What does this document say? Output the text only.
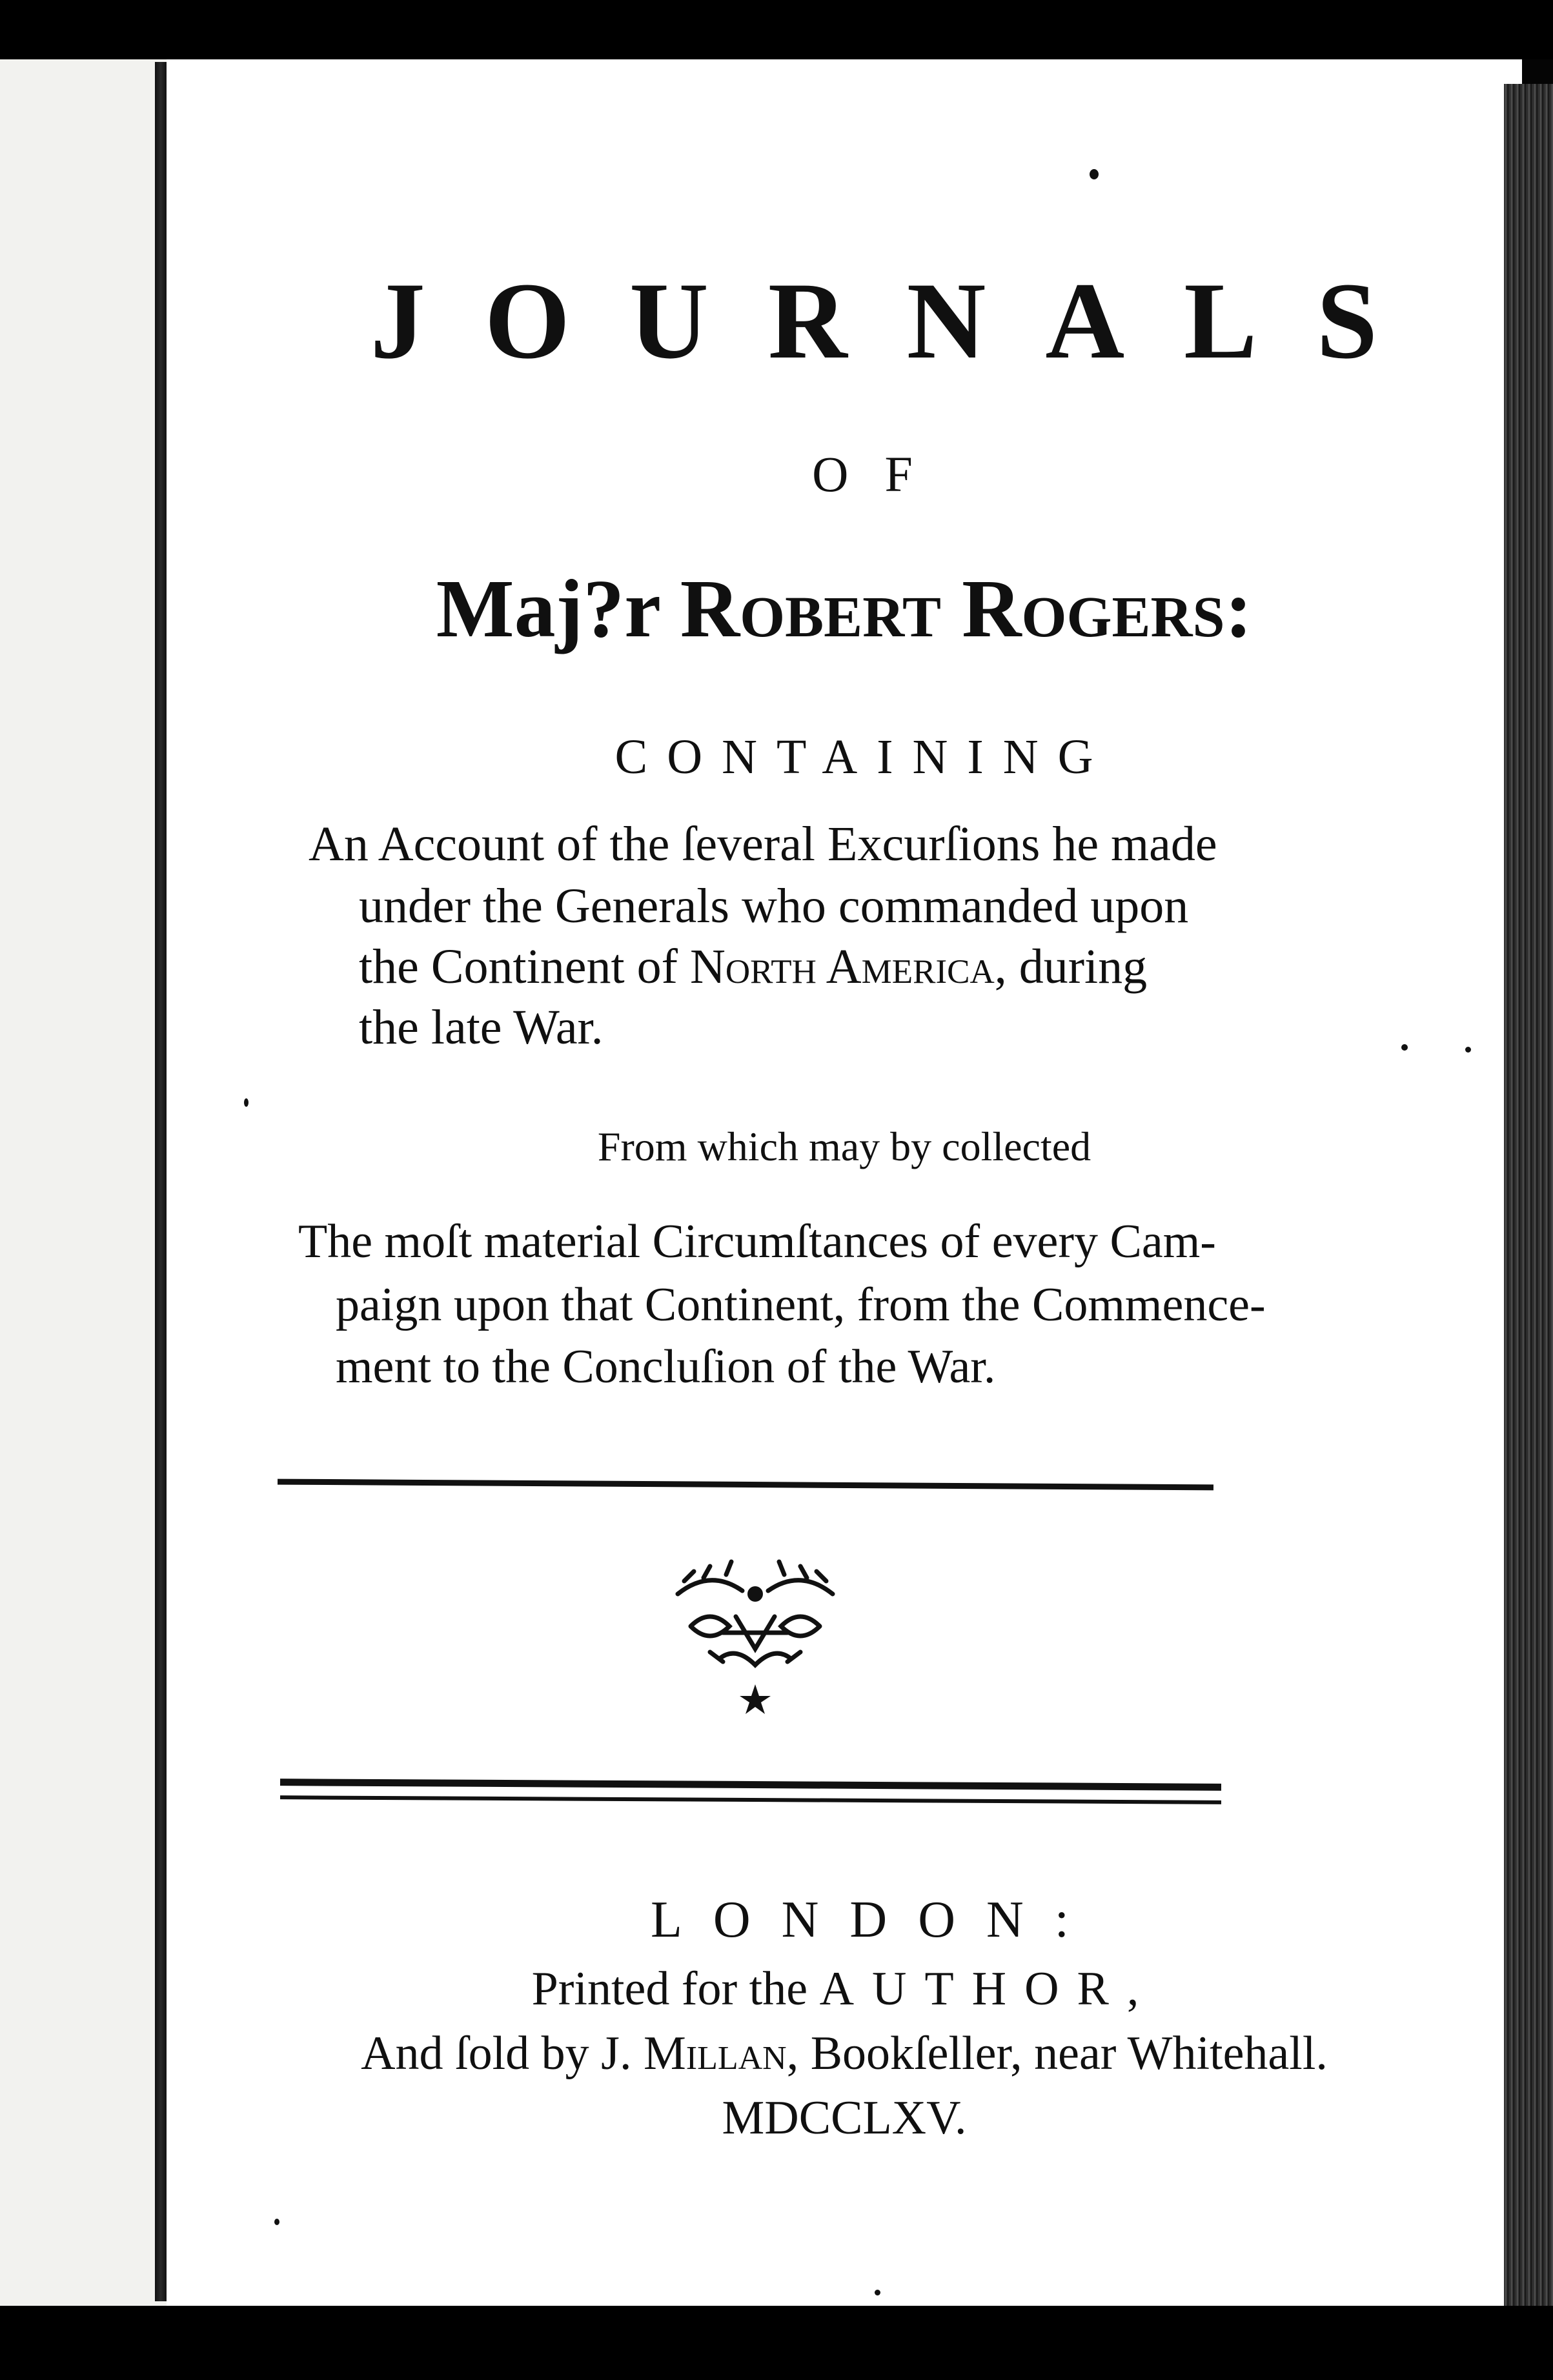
JOURNALS
OF
Maj?r Robert Rogers:
CONTAINING
An Account of the ſeveral Excurſions he made
under the Generals who commanded upon
the Continent of North America, during
the late War.
From which may by collected
The moſt material Circumſtances of every Cam-
paign upon that Continent, from the Commence-
ment to the Concluſion of the War.
LONDON:
Printed for the AUTHOR,
And ſold by J. Millan, Bookſeller, near Whitehall.
MDCCLXV.
